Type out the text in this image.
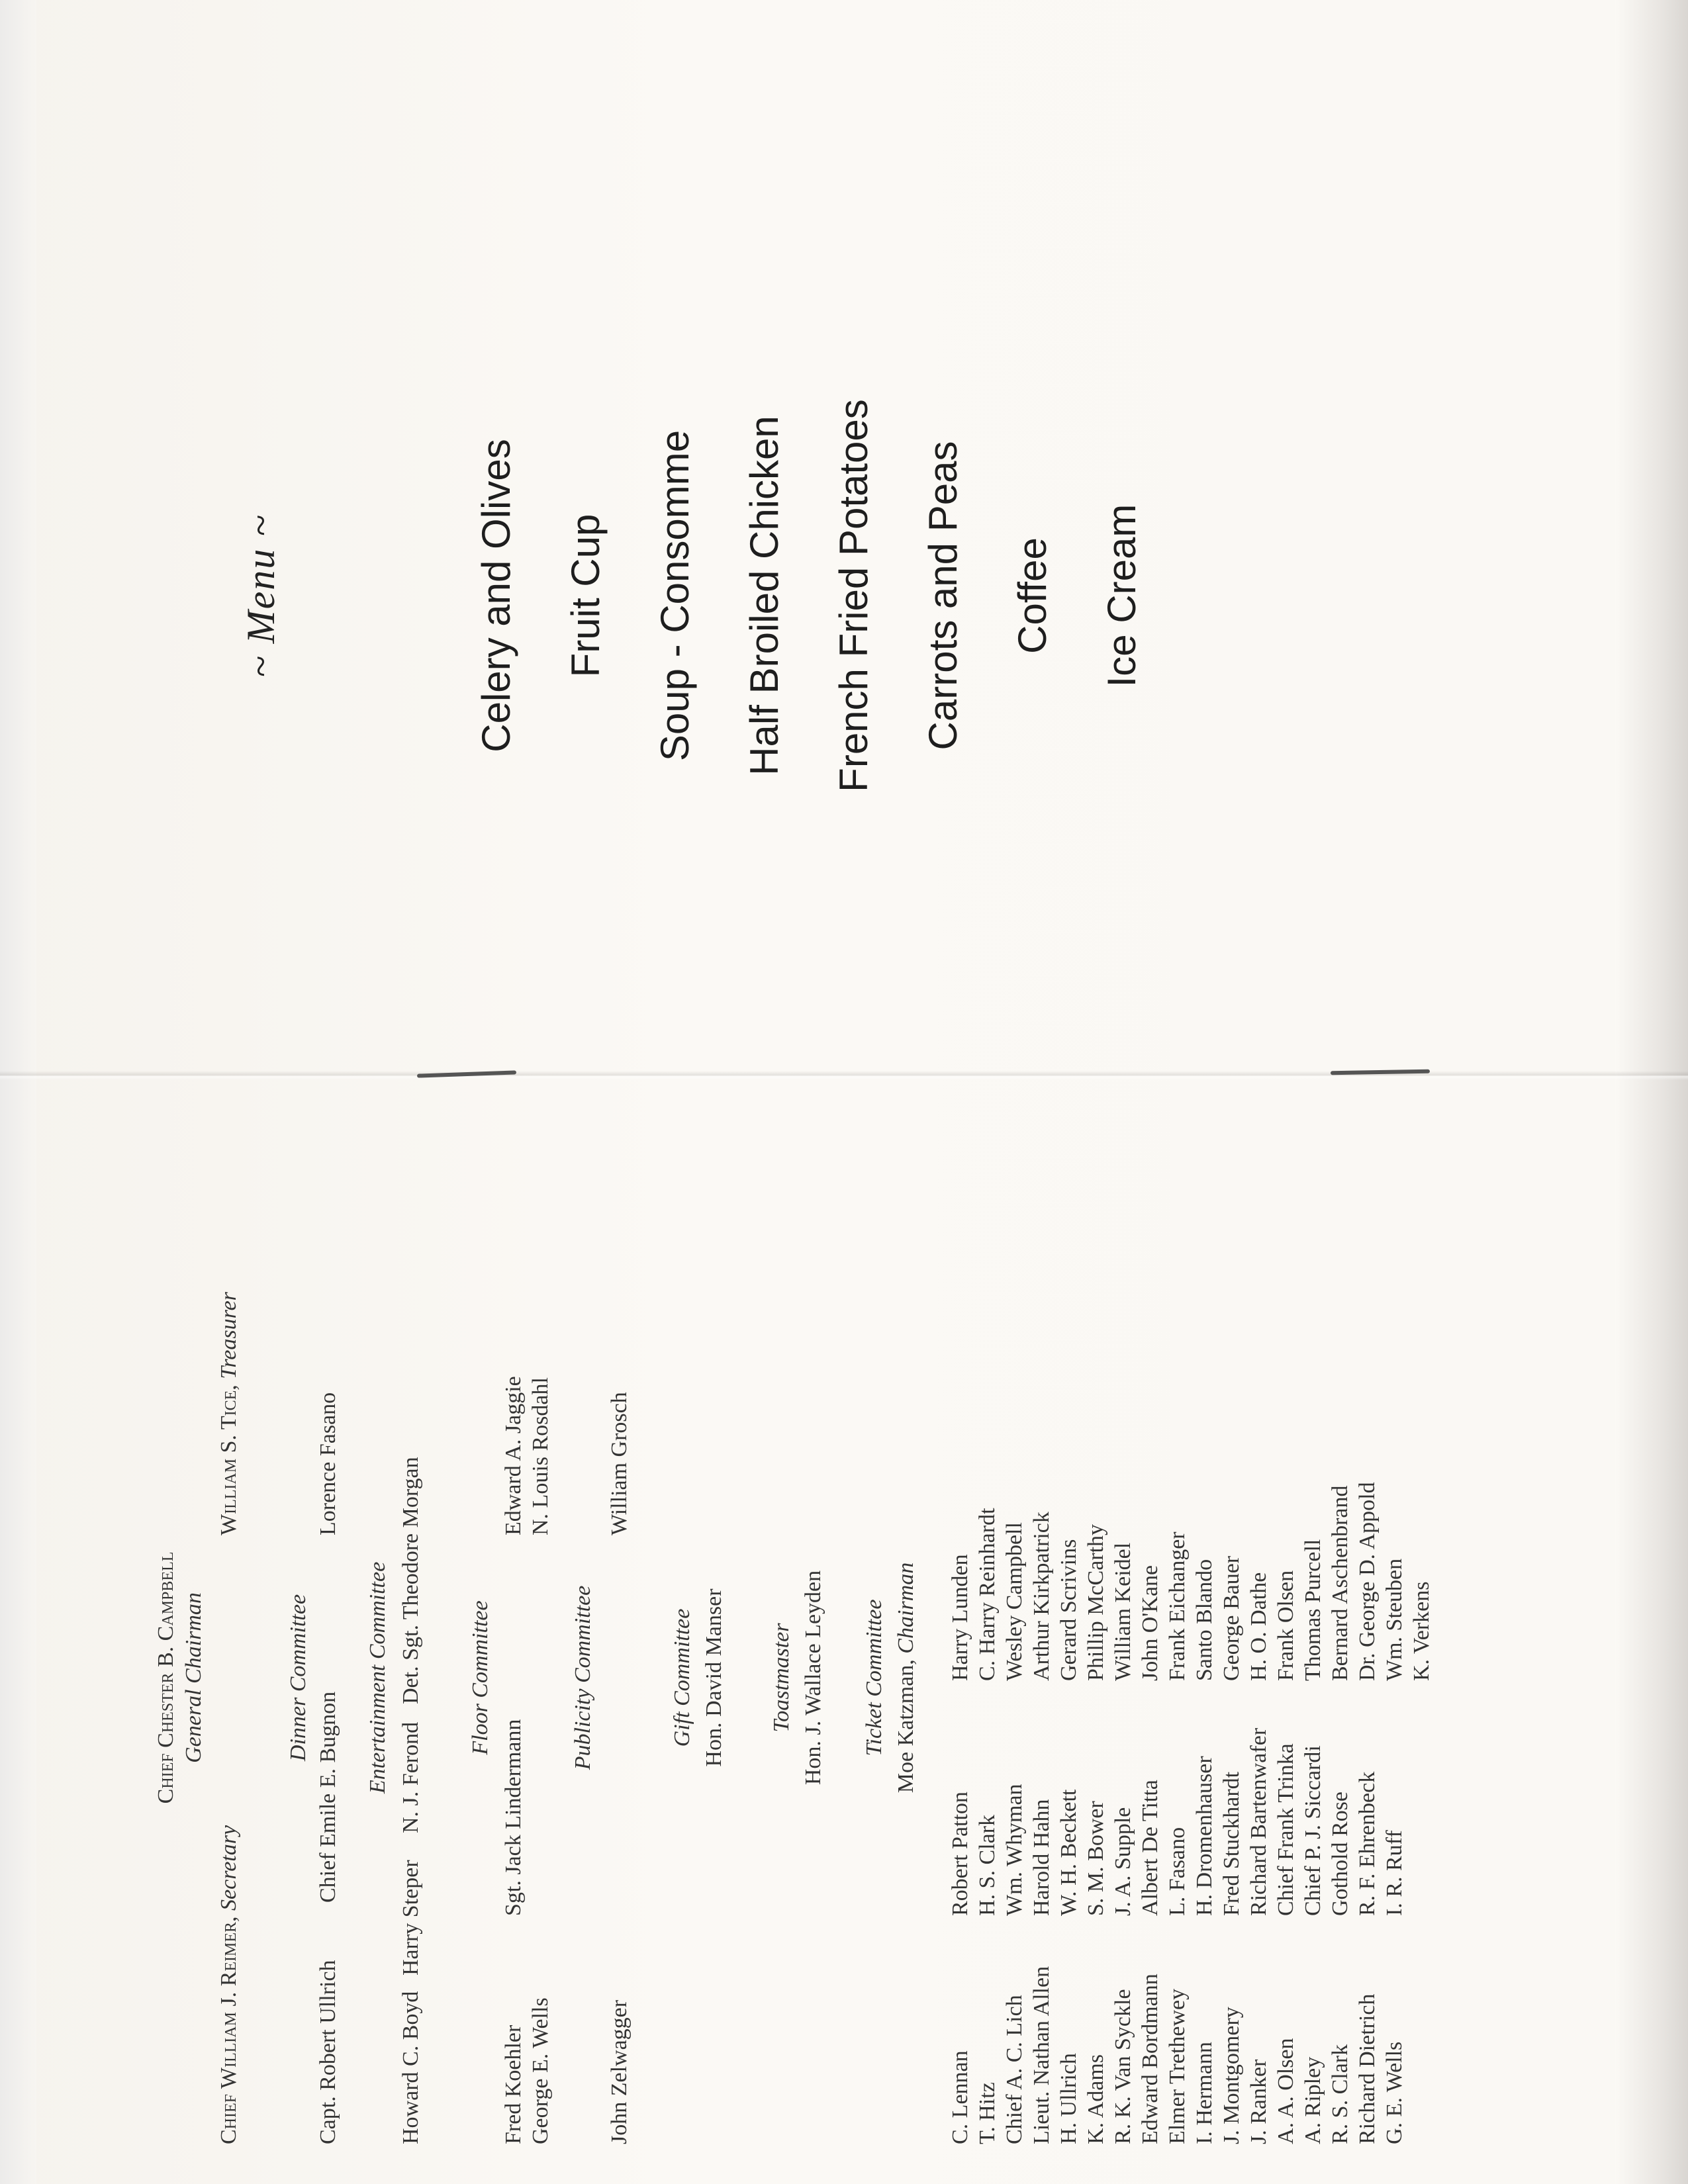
~ Menu ~	Celery and Olives Fruit Cup Soup - Consomme Half Broiled Chicken French Fried Potatoes Carrots and Peas Coffee Ice Cream
Chief Chester B. Campbell General Chairman
Chief William J. Reimer, Secretary
William S. Tice, Treasurer
Dinner Committee
Capt. Robert Ullrich
Chief Emile E. Bugnon
Lorence Fasano
Entertainment Committee
Howard C. Boyd
Harry Steper
N. J. Ferond
Det. Sgt. Theodore Morgan Floor Committee
Fred Koehler George E. Wells
Sgt. Jack Lindermann
Edward A. Jaggie N. Louis Rosdahl
Publicity Committee
John Zelwagger
William Grosch
Gift Committee Hon. David Manser Toastmaster Hon. J. Wallace Leyden Ticket Committee Moe Katzman, Chairman
C. Lennan T. Hitz Chief A. C. Lich Lieut. Nathan Allen H. Ullrich K. Adams R. K. Van Syckle Edward Bordmann Elmer Trethewey I. Hermann J. Montgomery J. Ranker A. A. Olsen A. Ripley R. S. Clark Richard Dietrich G. E. Wells
Robert Patton H. S. Clark Wm. Whyman Harold Hahn W. H. Beckett S. M. Bower J. A. Supple Albert De Titta L. Fasano H. Dromenhauser Fred Stuckhardt Richard Bartenwafer Chief Frank Trinka Chief P. J. Siccardi Gothold Rose R. F. Ehrenbeck I. R. Ruff
Harry Lunden C. Harry Reinhardt Wesley Campbell Arthur Kirkpatrick Gerard Scrivins Phillip McCarthy William Keidel John O'Kane Frank Eichanger Santo Blando George Bauer H. O. Dathe Frank Olsen Thomas Purcell Bernard Aschenbrand Dr. George D. Appold Wm. Steuben K. Verkens
